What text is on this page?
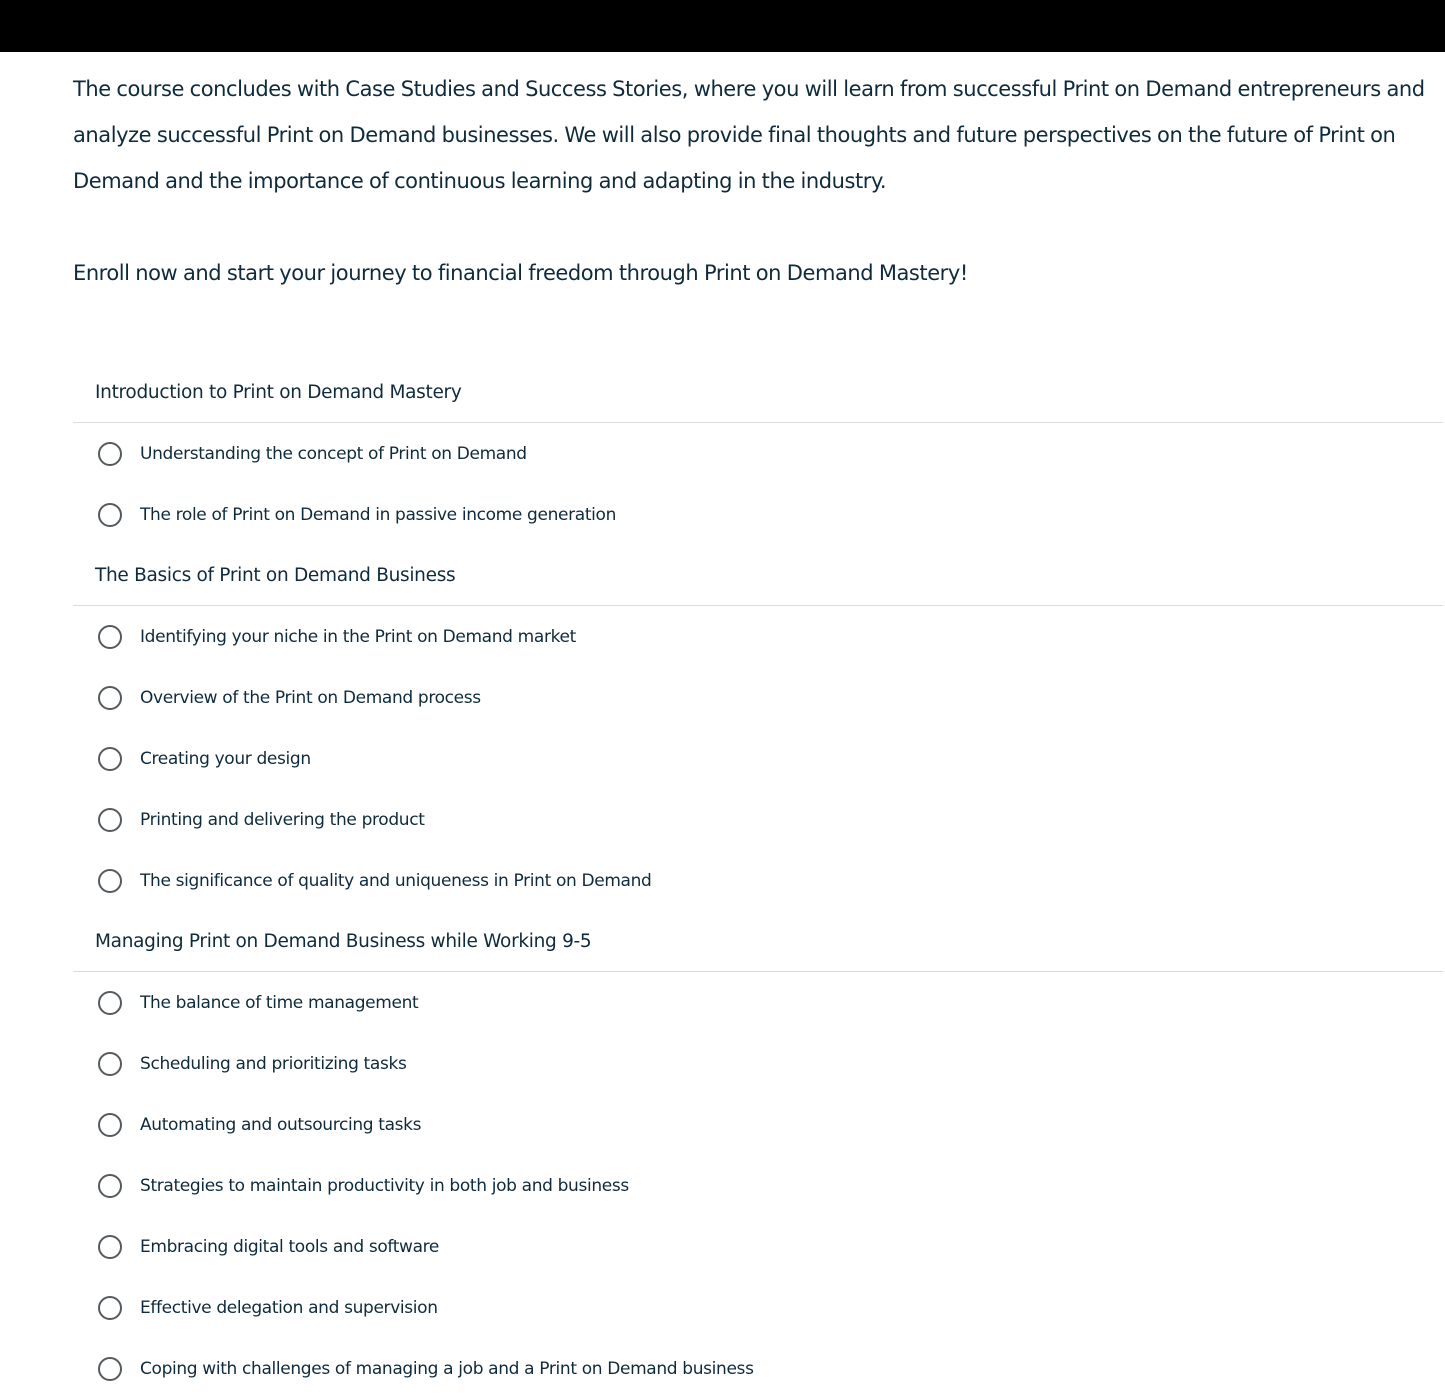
The course concludes with Case Studies and Success Stories, where you will learn from successful Print on Demand entrepreneurs and analyze successful Print on Demand businesses. We will also provide final thoughts and future perspectives on the future of Print on Demand and the importance of continuous learning and adapting in the industry.

Enroll now and start your journey to financial freedom through Print on Demand Mastery!

Introduction to Print on Demand Mastery
Understanding the concept of Print on Demand
The role of Print on Demand in passive income generation
The Basics of Print on Demand Business
Identifying your niche in the Print on Demand market
Overview of the Print on Demand process
Creating your design
Printing and delivering the product
The significance of quality and uniqueness in Print on Demand
Managing Print on Demand Business while Working 9-5
The balance of time management
Scheduling and prioritizing tasks
Automating and outsourcing tasks
Strategies to maintain productivity in both job and business
Embracing digital tools and software
Effective delegation and supervision
Coping with challenges of managing a job and a Print on Demand business
